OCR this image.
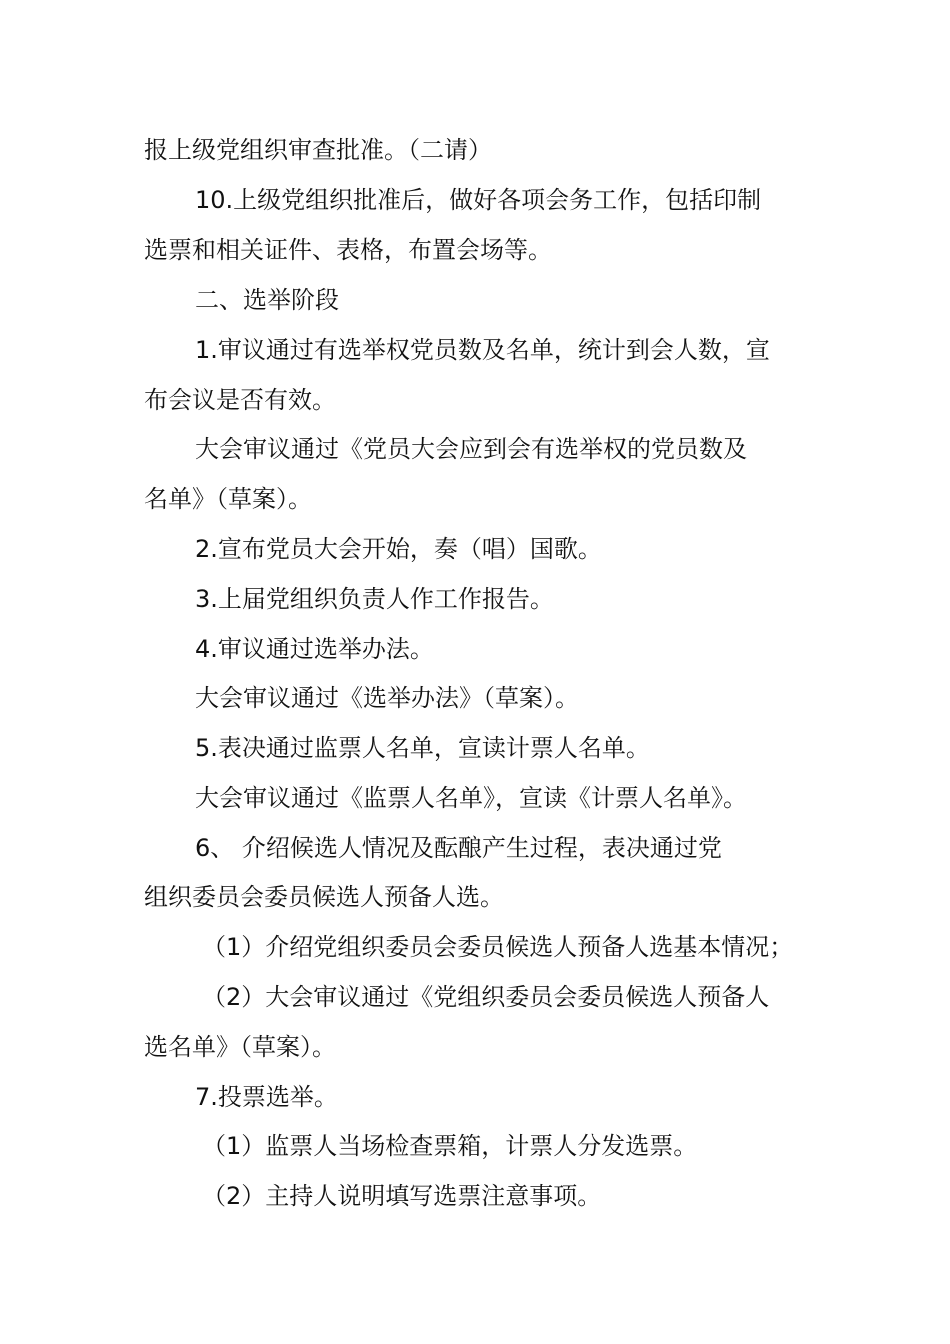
报上级党组织审查批准。（二请）
10.上级党组织批准后，做好各项会务工作，包括印制
选票和相关证件、表格，布置会场等。
二、选举阶段
1.审议通过有选举权党员数及名单，统计到会人数，宣
布会议是否有效。
大会审议通过《党员大会应到会有选举权的党员数及
名单》（草案）。
2.宣布党员大会开始，奏（唱）国歌。
3.上届党组织负责人作工作报告。
4.审议通过选举办法。
大会审议通过《选举办法》（草案）。
5.表决通过监票人名单，宣读计票人名单。
大会审议通过《监票人名单》，宣读《计票人名单》。
6、 介绍候选人情况及酝酿产生过程，表决通过党
组织委员会委员候选人预备人选。
（1）介绍党组织委员会委员候选人预备人选基本情况；
（2）大会审议通过《党组织委员会委员候选人预备人
选名单》（草案）。
7.投票选举。
（1）监票人当场检查票箱，计票人分发选票。
（2）主持人说明填写选票注意事项。
